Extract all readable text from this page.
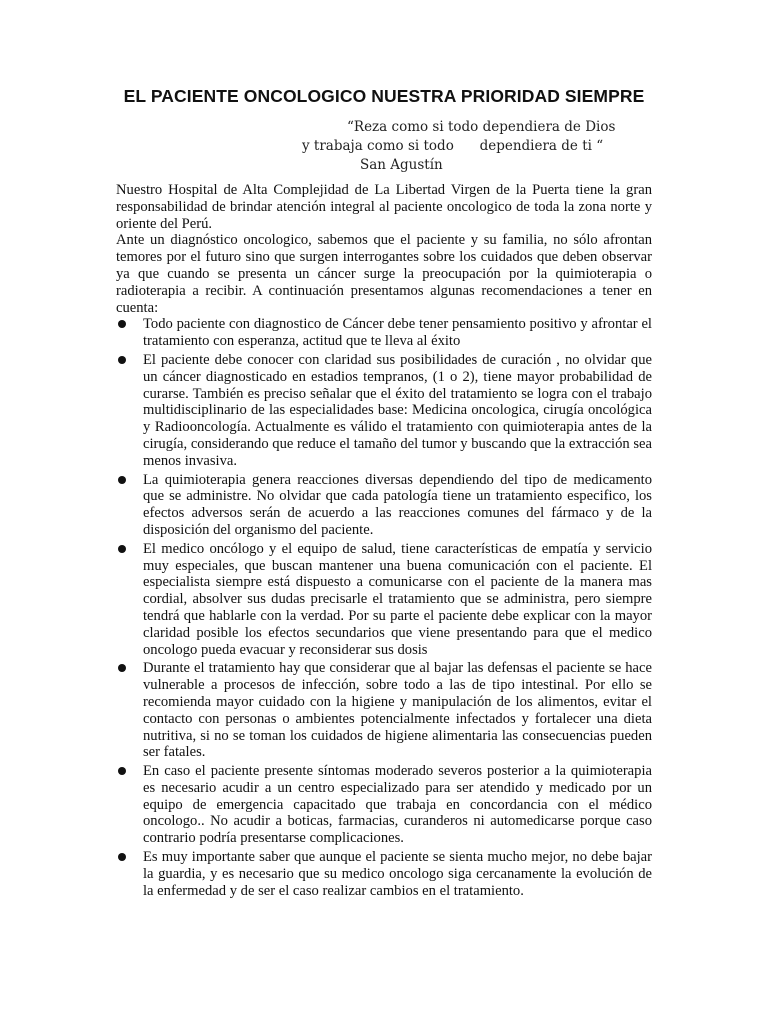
EL PACIENTE ONCOLOGICO NUESTRA PRIORIDAD SIEMPRE
“Reza como si todo dependiera de Dios
y trabaja como si todo      dependiera de ti “
San Agustín

Nuestro Hospital de Alta Complejidad de La Libertad Virgen de la Puerta tiene la gran responsabilidad de brindar atención integral al paciente oncologico de toda la zona norte y oriente del Perú.

Ante un diagnóstico oncologico, sabemos que el paciente y su familia, no sólo afrontan temores por el futuro sino que surgen interrogantes sobre los cuidados que deben observar ya que cuando se presenta un cáncer surge la preocupación por la quimioterapia o radioterapia a recibir. A continuación presentamos algunas recomendaciones a tener en cuenta:

Todo paciente con diagnostico de Cáncer debe tener pensamiento positivo y afrontar el tratamiento con esperanza, actitud que te lleva al éxito
El paciente debe conocer con claridad sus posibilidades de curación , no olvidar que un cáncer diagnosticado en estadios tempranos, (1 o 2), tiene mayor probabilidad de curarse. También es preciso señalar que el éxito del tratamiento se logra con el trabajo multidisciplinario de las especialidades base: Medicina oncologica, cirugía oncológica y Radiooncología. Actualmente es válido el tratamiento con quimioterapia antes de la cirugía, considerando que reduce el tamaño del tumor y buscando que la extracción sea menos invasiva.
La quimioterapia genera reacciones diversas dependiendo del tipo de medicamento que se administre. No olvidar que cada patología tiene un tratamiento especifico, los efectos adversos serán de acuerdo a las reacciones comunes del fármaco y de la disposición del organismo del paciente.
El medico oncólogo y el equipo de salud, tiene características de empatía y servicio muy especiales, que buscan mantener una buena comunicación con el paciente. El especialista siempre está dispuesto a comunicarse con el paciente de la manera mas cordial, absolver sus dudas precisarle el tratamiento que se administra, pero siempre tendrá que hablarle con la verdad. Por su parte el paciente debe explicar con la mayor claridad posible los efectos secundarios que viene presentando para que el medico oncologo pueda evacuar y reconsiderar sus dosis
Durante el tratamiento hay que considerar que al bajar las defensas el paciente se hace vulnerable a procesos de infección, sobre todo a las de tipo intestinal. Por ello se recomienda mayor cuidado con la higiene y manipulación de los alimentos, evitar el contacto con personas o ambientes potencialmente infectados y fortalecer una dieta nutritiva, si no se toman los cuidados de higiene alimentaria las consecuencias pueden ser fatales.
En caso el paciente presente síntomas moderado severos posterior a la quimioterapia es necesario acudir a un centro especializado para ser atendido y medicado por un equipo de emergencia capacitado que trabaja en concordancia con el médico oncologo.. No acudir a boticas, farmacias, curanderos ni automedicarse porque caso contrario podría presentarse complicaciones.
Es muy importante saber que aunque el paciente se sienta mucho mejor, no debe bajar la guardia, y es necesario que su medico oncologo siga cercanamente la evolución de la enfermedad y de ser el caso realizar cambios en el tratamiento.
